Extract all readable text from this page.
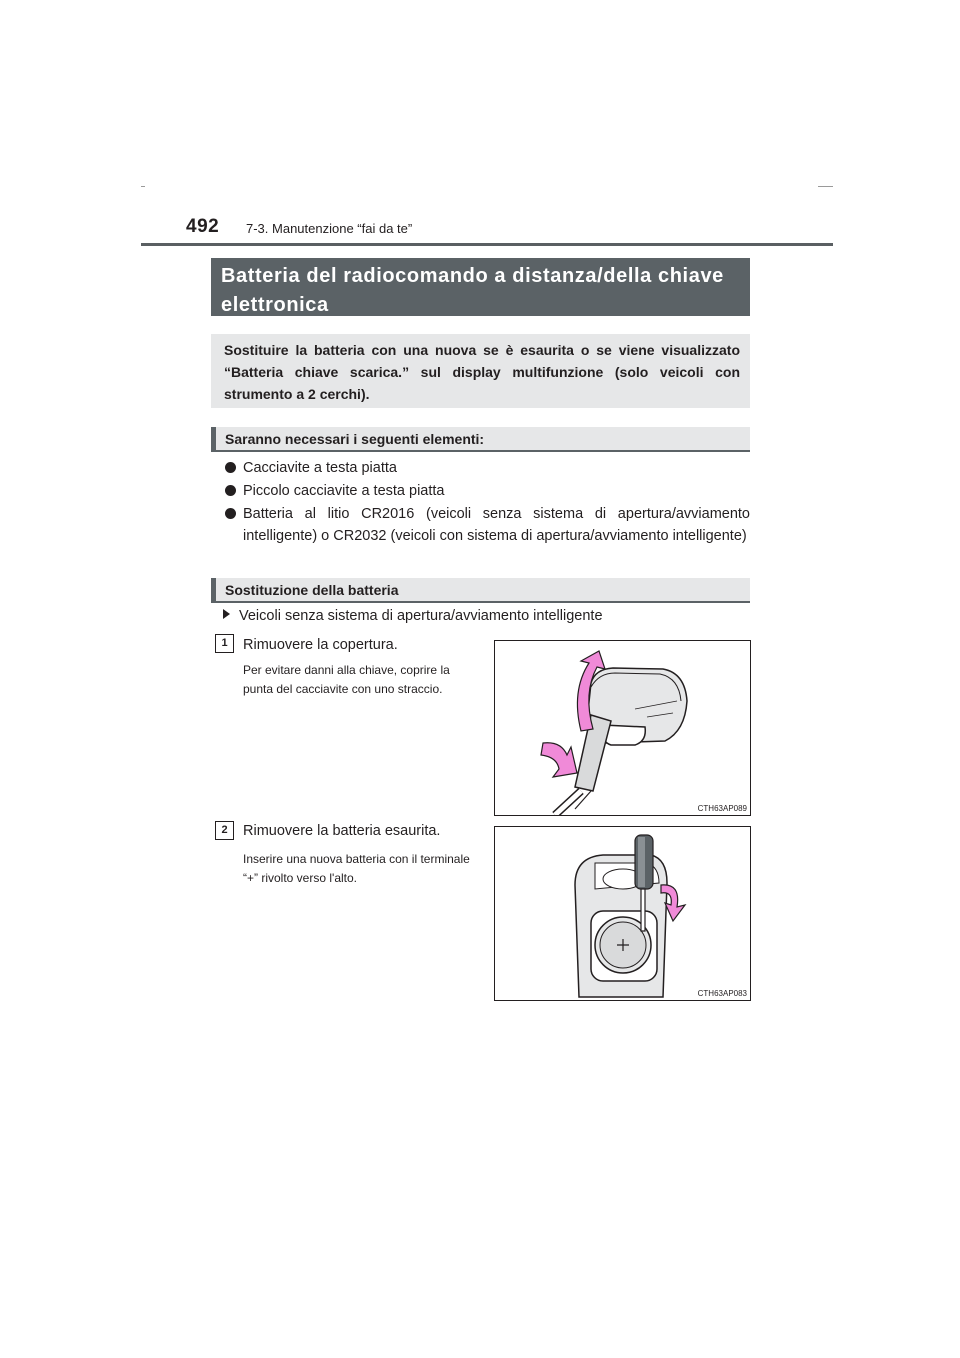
492 7-3. Manutenzione “fai da te”
Batteria del radiocomando a distanza/della chiave elettronica
Sostituire la batteria con una nuova se è esaurita o se viene visualizzato “Batteria chiave scarica.” sul display multifunzione (solo veicoli con strumento a 2 cerchi).
Saranno necessari i seguenti elementi:
Cacciavite a testa piatta
Piccolo cacciavite a testa piatta
Batteria al litio CR2016 (veicoli senza sistema di apertura/avviamento intelligente) o CR2032 (veicoli con sistema di apertura/avviamento intelligente)
Sostituzione della batteria
Veicoli senza sistema di apertura/avviamento intelligente
1	Rimuovere la copertura.
Per evitare danni alla chiave, coprire la punta del cacciavite con uno straccio.
CTH63AP089
2	Rimuovere la batteria esaurita.
Inserire una nuova batteria con il terminale “+” rivolto verso l'alto.
CTH63AP083
